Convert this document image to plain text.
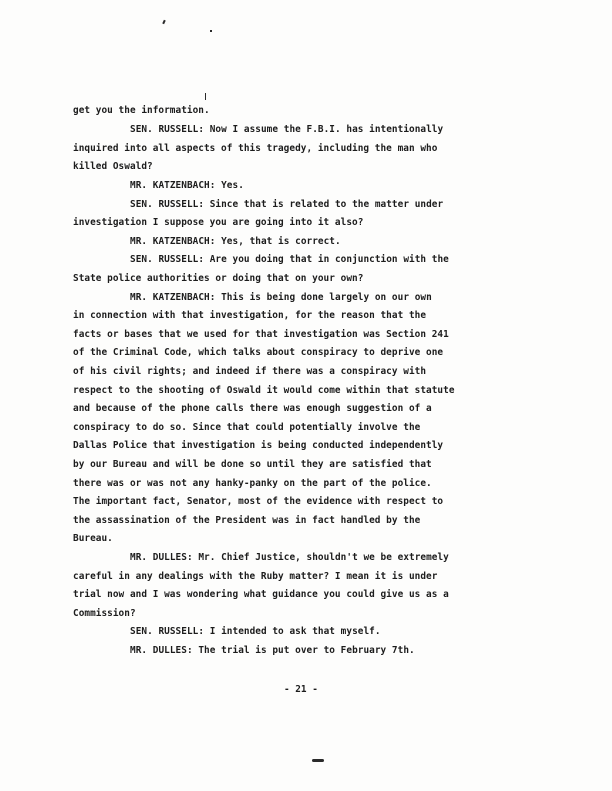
get you the information.
SEN. RUSSELL: Now I assume the F.B.I. has intentionally
inquired into all aspects of this tragedy, including the man who
killed Oswald?
MR. KATZENBACH: Yes.
SEN. RUSSELL: Since that is related to the matter under
investigation I suppose you are going into it also?
MR. KATZENBACH: Yes, that is correct.
SEN. RUSSELL: Are you doing that in conjunction with the
State police authorities or doing that on your own?
MR. KATZENBACH: This is being done largely on our own
in connection with that investigation, for the reason that the
facts or bases that we used for that investigation was Section 241
of the Criminal Code, which talks about conspiracy to deprive one
of his civil rights; and indeed if there was a conspiracy with
respect to the shooting of Oswald it would come within that statute
and because of the phone calls there was enough suggestion of a
conspiracy to do so. Since that could potentially involve the
Dallas Police that investigation is being conducted independently
by our Bureau and will be done so until they are satisfied that
there was or was not any hanky-panky on the part of the police.
The important fact, Senator, most of the evidence with respect to
the assassination of the President was in fact handled by the
Bureau.
MR. DULLES: Mr. Chief Justice, shouldn't we be extremely
careful in any dealings with the Ruby matter? I mean it is under
trial now and I was wondering what guidance you could give us as a
Commission?
SEN. RUSSELL: I intended to ask that myself.
MR. DULLES: The trial is put over to February 7th.
- 21 -
